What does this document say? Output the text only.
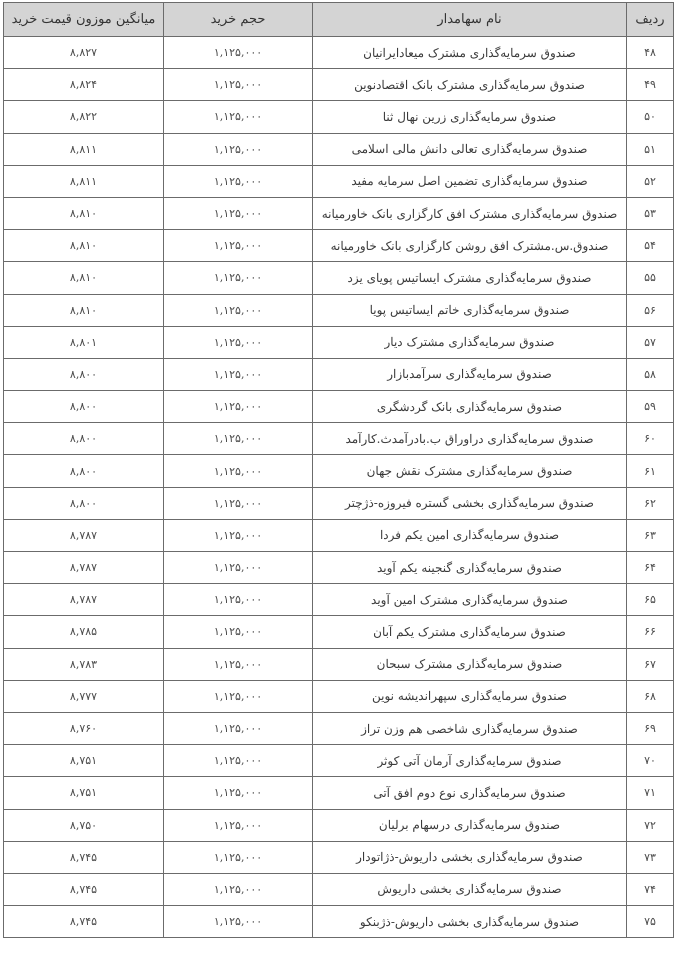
ردیف	نام سهامدار	حجم خرید	میانگین موزون قیمت خرید
۴۸	صندوق سرمایه‌گذاری مشترک میعادایرانیان	۱,۱۲۵,۰۰۰	۸,۸۲۷
۴۹	صندوق سرمایه‌گذاری مشترک بانک اقتصادنوین	۱,۱۲۵,۰۰۰	۸,۸۲۴
۵۰	صندوق سرمایه‌گذاری زرین نهال ثنا	۱,۱۲۵,۰۰۰	۸,۸۲۲
۵۱	صندوق سرمایه‌گذاری تعالی دانش مالی اسلامی	۱,۱۲۵,۰۰۰	۸,۸۱۱
۵۲	صندوق سرمایه‌گذاری تضمین اصل سرمایه مفید	۱,۱۲۵,۰۰۰	۸,۸۱۱
۵۳	صندوق سرمایه‌گذاری مشترک افق کارگزاری بانک خاورمیانه	۱,۱۲۵,۰۰۰	۸,۸۱۰
۵۴	صندوق.س.مشترک افق روشن کارگزاری بانک خاورمیانه	۱,۱۲۵,۰۰۰	۸,۸۱۰
۵۵	صندوق سرمایه‌گذاری مشترک ایساتیس پویای یزد	۱,۱۲۵,۰۰۰	۸,۸۱۰
۵۶	صندوق سرمایه‌گذاری خاتم ایساتیس پویا	۱,۱۲۵,۰۰۰	۸,۸۱۰
۵۷	صندوق سرمایه‌گذاری مشترک دیار	۱,۱۲۵,۰۰۰	۸,۸۰۱
۵۸	صندوق سرمایه‌گذاری سرآمدبازار	۱,۱۲۵,۰۰۰	۸,۸۰۰
۵۹	صندوق سرمایه‌گذاری بانک گردشگری	۱,۱۲۵,۰۰۰	۸,۸۰۰
۶۰	صندوق سرمایه‌گذاری دراوراق ب.بادرآمدث.کارآمد	۱,۱۲۵,۰۰۰	۸,۸۰۰
۶۱	صندوق سرمایه‌گذاری مشترک نقش جهان	۱,۱۲۵,۰۰۰	۸,۸۰۰
۶۲	صندوق سرمایه‌گذاری بخشی گستره فیروزه-ذژچتر	۱,۱۲۵,۰۰۰	۸,۸۰۰
۶۳	صندوق سرمایه‌گذاری امین یکم فردا	۱,۱۲۵,۰۰۰	۸,۷۸۷
۶۴	صندوق سرمایه‌گذاری گنجینه یکم آوید	۱,۱۲۵,۰۰۰	۸,۷۸۷
۶۵	صندوق سرمایه‌گذاری مشترک امین آوید	۱,۱۲۵,۰۰۰	۸,۷۸۷
۶۶	صندوق سرمایه‌گذاری مشترک یکم آبان	۱,۱۲۵,۰۰۰	۸,۷۸۵
۶۷	صندوق سرمایه‌گذاری مشترک سبحان	۱,۱۲۵,۰۰۰	۸,۷۸۳
۶۸	صندوق سرمایه‌گذاری سپهراندیشه نوین	۱,۱۲۵,۰۰۰	۸,۷۷۷
۶۹	صندوق سرمایه‌گذاری شاخصی هم وزن تراز	۱,۱۲۵,۰۰۰	۸,۷۶۰
۷۰	صندوق سرمایه‌گذاری آرمان آتی کوثر	۱,۱۲۵,۰۰۰	۸,۷۵۱
۷۱	صندوق سرمایه‌گذاری نوع دوم افق آتی	۱,۱۲۵,۰۰۰	۸,۷۵۱
۷۲	صندوق سرمایه‌گذاری درسهام برلیان	۱,۱۲۵,۰۰۰	۸,۷۵۰
۷۳	صندوق سرمایه‌گذاری بخشی داریوش-ذژاتودار	۱,۱۲۵,۰۰۰	۸,۷۴۵
۷۴	صندوق سرمایه‌گذاری بخشی داریوش	۱,۱۲۵,۰۰۰	۸,۷۴۵
۷۵	صندوق سرمایه‌گذاری بخشی داریوش-ذژبنکو	۱,۱۲۵,۰۰۰	۸,۷۴۵
